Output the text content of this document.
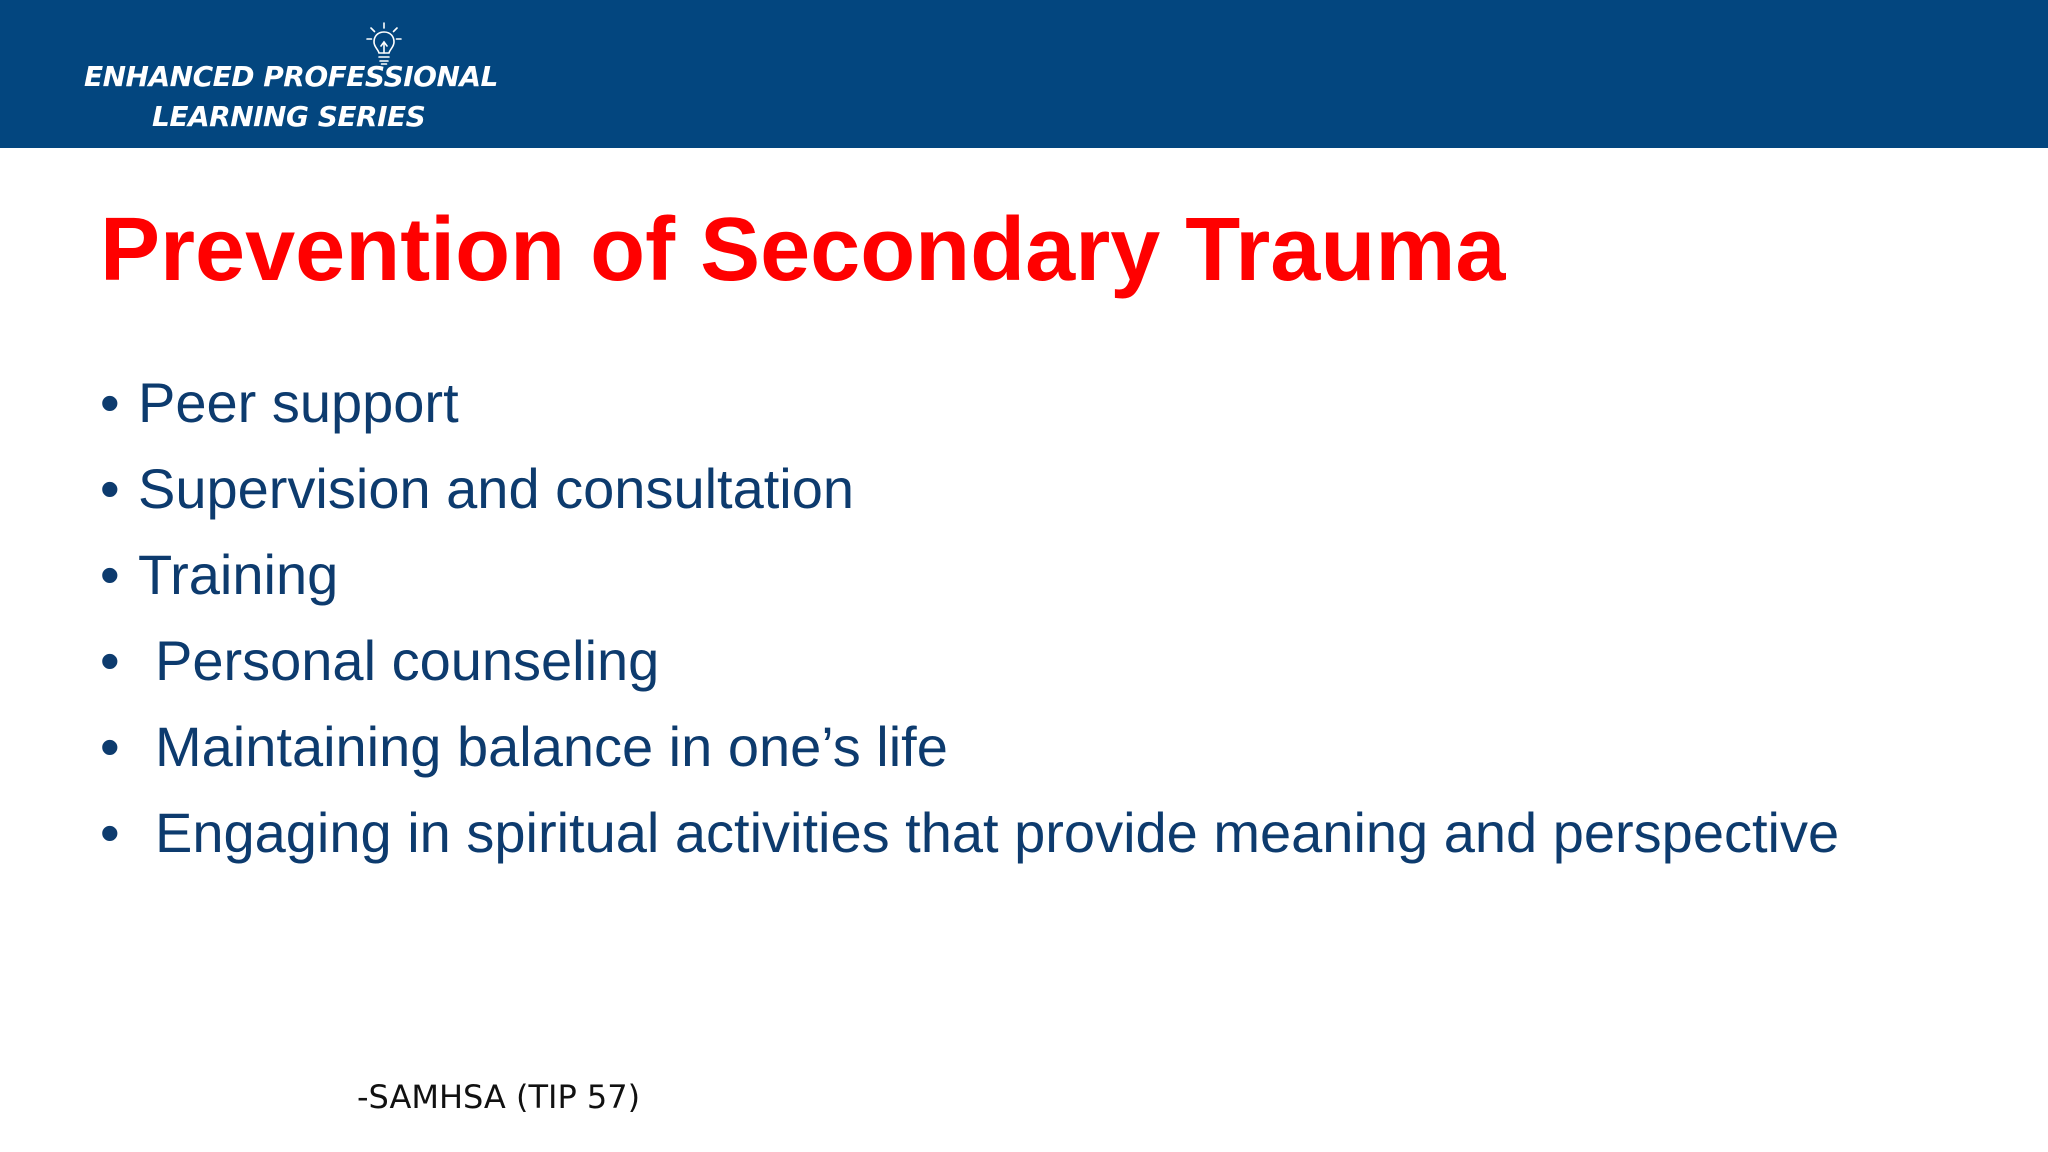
ENHANCED PROFESSIONAL
LEARNING SERIES
Prevention of Secondary Trauma
• Peer support
• Supervision and consultation
• Training
• Personal counseling
• Maintaining balance in one’s life
• Engaging in spiritual activities that provide meaning and perspective
-SAMHSA (TIP 57)
